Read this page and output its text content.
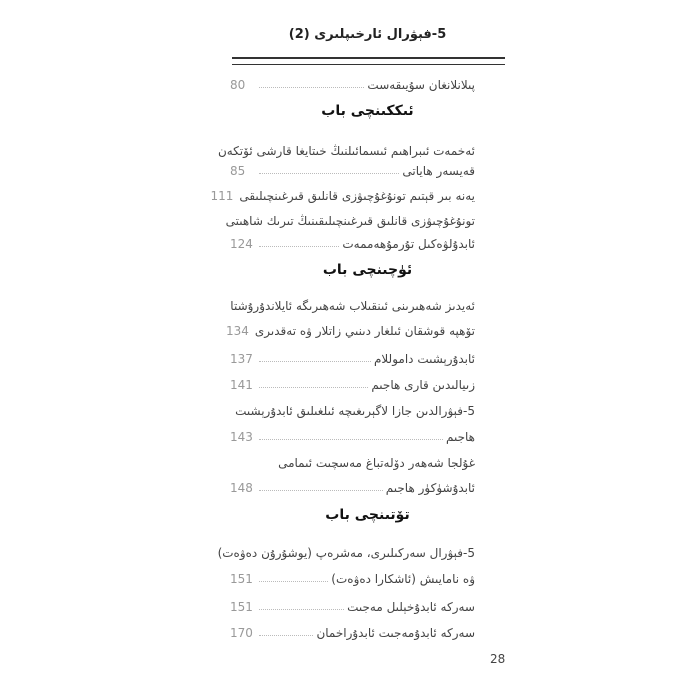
5-فېۋرال ئارخىپلىرى (2)
پىلانلانغان سۇيىقەست
80
ئىككىنچى باب
ئەخمەت ئىبراھىم ئىسمائىلنىڭ خىتايغا قارشى ئۆتكەن
قەيسەر ھاياتى
85
يەنە بىر قېتىم تونۇغۇچىۋزى قانلىق قىرغىنچىلىقى
111
تونۇغۇچىۋزى قانلىق قىرغىنچىلىقىنىڭ تىرىك شاھىتى
ئابدۇلۋەكىل تۇرمۇھەممەت
124
ئۈچىنچى باب
ئەيدىز شەھىرىنى ئىنقىلاب شەھىرىگە ئايلاندۇرۇشتا
تۆھپە قوشقان ئىلغار دىنىي زاتلار ۋە تەقدىرى
134
ئابدۇرېشىت داموللام
137
زىيالىدىن قارى ھاجىم
141
5-فېۋرالدىن جازا لاگېرىغىچە ئىلغىلىق ئابدۇرېشىت
ھاجىم
143
غۇلجا شەھەر دۆلەتباغ مەسچىت ئىمامى
ئابدۇشۈكۈر ھاجىم
148
تۆتىنچى باب
5-فېۋرال سەركىلىرى، مەشرەپ (يوشۇرۇن دەۋەت)
ۋە نامايىش (ئاشكارا دەۋەت)
151
سەركە ئابدۇخېلىل مەجىت
151
سەركە ئابدۇمەجىت ئابدۇراخمان
170
28
